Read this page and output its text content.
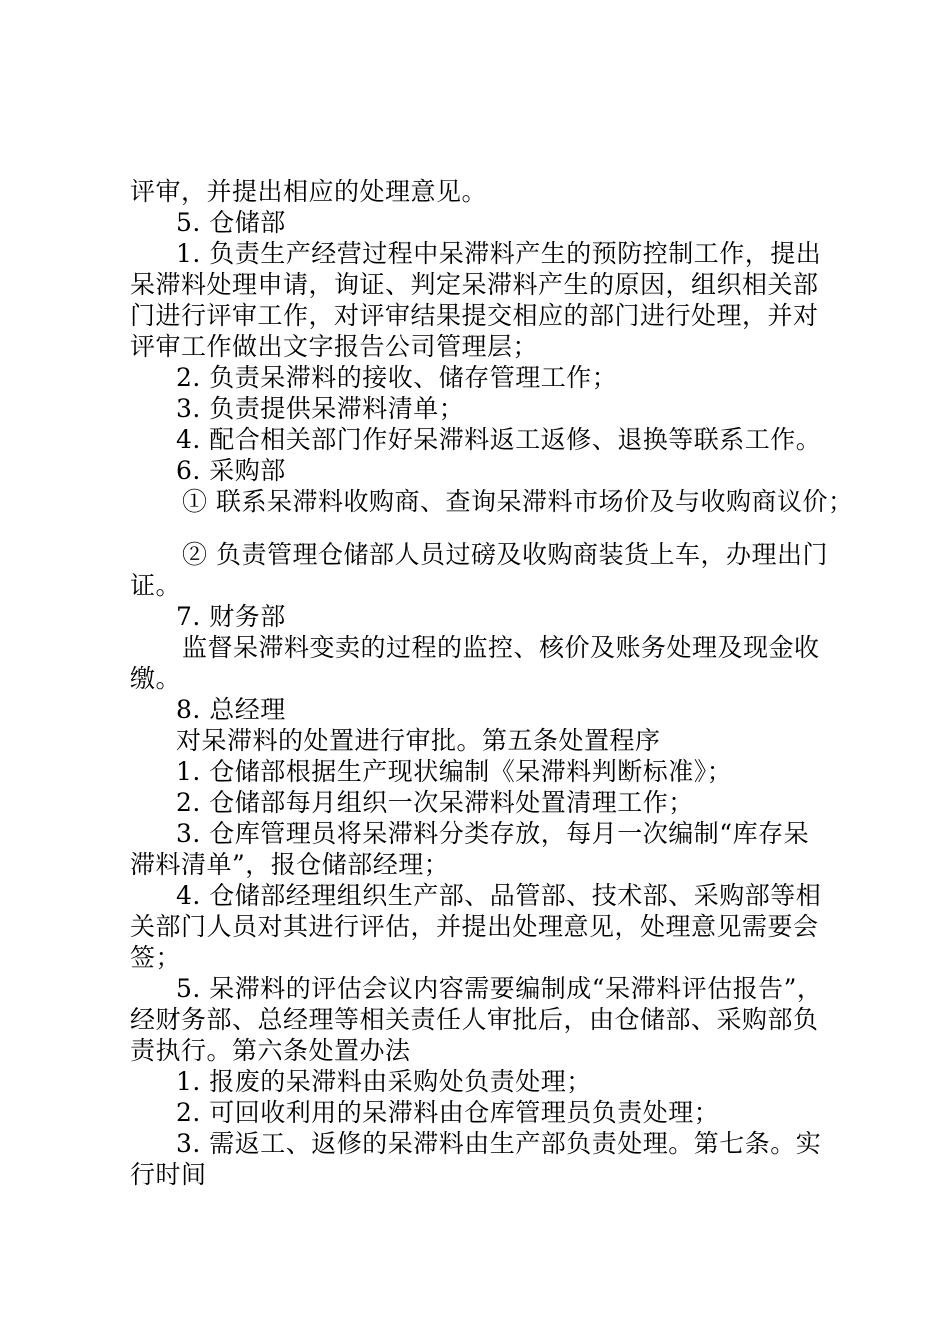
评审，并提出相应的处理意见。
5. 仓储部
1. 负责生产经营过程中呆滞料产生的预防控制工作，提出
呆滞料处理申请，询证、判定呆滞料产生的原因，组织相关部
门进行评审工作，对评审结果提交相应的部门进行处理，并对
评审工作做出文字报告公司管理层；
2. 负责呆滞料的接收、储存管理工作；
3. 负责提供呆滞料清单；
4. 配合相关部门作好呆滞料返工返修、退换等联系工作。
6. 采购部
① 联系呆滞料收购商、查询呆滞料市场价及与收购商议价；
② 负责管理仓储部人员过磅及收购商装货上车，办理出门
证。
7. 财务部
监督呆滞料变卖的过程的监控、核价及账务处理及现金收
缴。
8. 总经理
对呆滞料的处置进行审批。第五条处置程序
1. 仓储部根据生产现状编制《呆滞料判断标准》；
2. 仓储部每月组织一次呆滞料处置清理工作；
3. 仓库管理员将呆滞料分类存放，每月一次编制“库存呆
滞料清单”，报仓储部经理；
4. 仓储部经理组织生产部、品管部、技术部、采购部等相
关部门人员对其进行评估，并提出处理意见，处理意见需要会
签；
5. 呆滞料的评估会议内容需要编制成“呆滞料评估报告”，
经财务部、总经理等相关责任人审批后，由仓储部、采购部负
责执行。第六条处置办法
1. 报废的呆滞料由采购处负责处理；
2. 可回收利用的呆滞料由仓库管理员负责处理；
3. 需返工、返修的呆滞料由生产部负责处理。第七条。实
行时间
